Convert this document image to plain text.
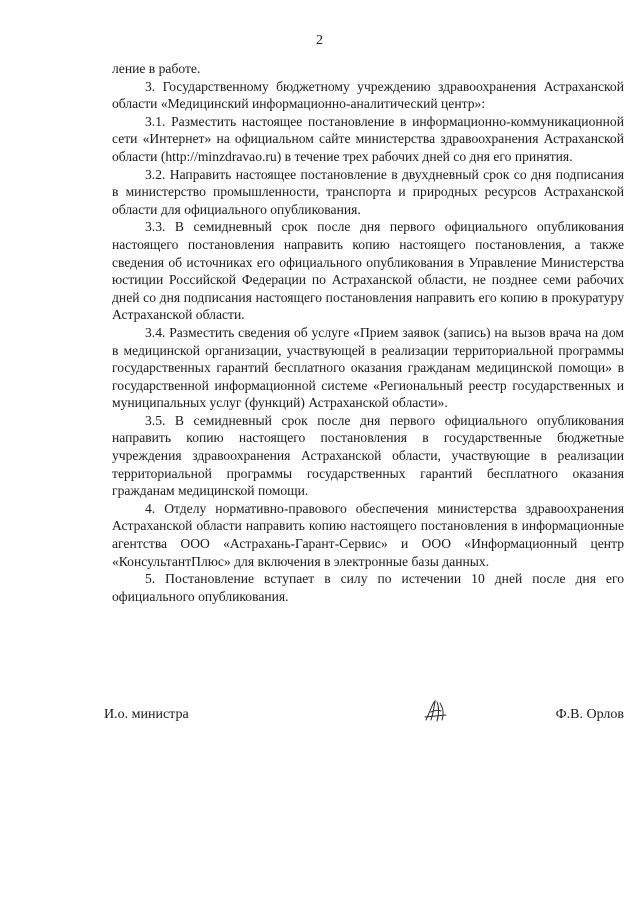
2

ление в работе.

3. Государственному бюджетному учреждению здравоохранения Астраханской области «Медицинский информационно-аналитический центр»:

3.1. Разместить настоящее постановление в информационно-коммуникационной сети «Интернет» на официальном сайте министерства здравоохранения Астраханской области (http://minzdravao.ru) в течение трех рабочих дней со дня его принятия.

3.2. Направить настоящее постановление в двухдневный срок со дня подписания в министерство промышленности, транспорта и природных ресурсов Астраханской области для официального опубликования.

3.3. В семидневный срок после дня первого официального опубликования настоящего постановления направить копию настоящего постановления, а также сведения об источниках его официального опубликования в Управление Министерства юстиции Российской Федерации по Астраханской области, не позднее семи рабочих дней со дня подписания настоящего постановления направить его копию в прокуратуру Астраханской области.

3.4. Разместить сведения об услуге «Прием заявок (запись) на вызов врача на дом в медицинской организации, участвующей в реализации территориальной программы государственных гарантий бесплатного оказания гражданам медицинской помощи» в государственной информационной системе «Региональный реестр государственных и муниципальных услуг (функций) Астраханской области».

3.5. В семидневный срок после дня первого официального опубликования направить копию настоящего постановления в государственные бюджетные учреждения здравоохранения Астраханской области, участвующие в реализации территориальной программы государственных гарантий бесплатного оказания гражданам медицинской помощи.

4. Отделу нормативно-правового обеспечения министерства здравоохранения Астраханской области направить копию настоящего постановления в информационные агентства ООО «Астрахань-Гарант-Сервис» и ООО «Информационный центр «КонсультантПлюс» для включения в электронные базы данных.

5. Постановление вступает в силу по истечении 10 дней после дня его официального опубликования.

И.о. министра	Ф.В. Орлов
